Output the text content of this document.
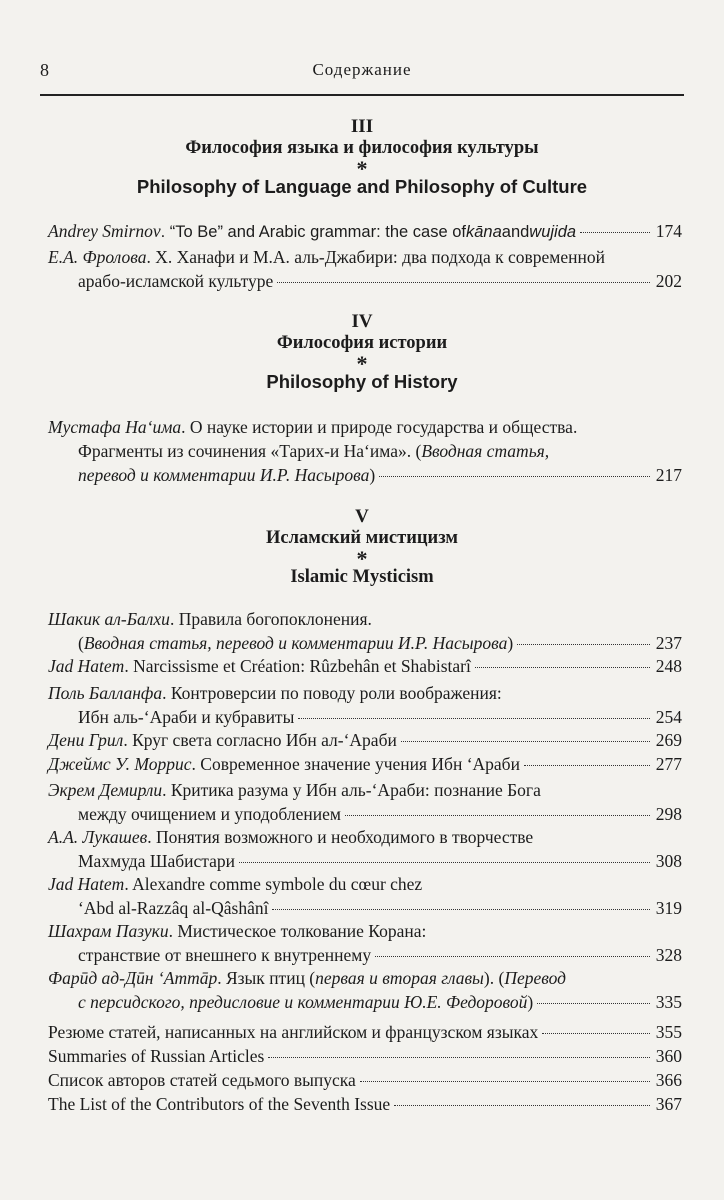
8	Содержание
III
Философия языка и философия культуры
*
Philosophy of Language and Philosophy of Culture
Andrey Smirnov . “To Be” and Arabic grammar: the case of kāna and wujida	174
Е.А. Фролова . Х. Ханафи и М.А. аль-Джабири: два подхода к современной
арабо-исламской культуре	202
IV
Философия истории
*
Philosophy of History
Мустафа На‘има . О науке истории и природе государства и общества.
Фрагменты из сочинения «Тарих-и На‘има». ( Вводная статья,
перевод и комментарии И.Р. Насырова )	217
V
Исламский мистицизм
*
Islamic Mysticism
Шакик ал-Балхи . Правила богопоклонения.
( Вводная статья, перевод и комментарии И.Р. Насырова )	237
Jad Hatem . Narcissisme et Création: Rûzbehân et Shabistarî	248
Поль Балланфа . Контроверсии по поводу роли воображения:
Ибн аль-‘Араби и кубравиты	254
Дени Грил . Круг света согласно Ибн ал-‘Араби	269
Джеймс У. Моррис . Современное значение учения Ибн ‘Араби	277
Экрем Демирли . Критика разума у Ибн аль-‘Араби: познание Бога
между очищением и уподоблением	298
А.А. Лукашев . Понятия возможного и необходимого в творчестве
Махмуда Шабистари	308
Jad Hatem . Alexandre comme symbole du cœur chez
‘Abd al-Razzâq al-Qâshânî	319
Шахрам Пазуки . Мистическое толкование Корана:
странствие от внешнего к внутреннему	328
Фарӣд ад-Дӣн ‘Аттāр . Язык птиц ( первая и вторая главы ). ( Перевод
с персидского, предисловие и комментарии Ю.Е. Федоровой )	335
Резюме статей, написанных на английском и французском языках	355
Summaries of Russian Articles	360
Список авторов статей седьмого выпуска	366
The List of the Contributors of the Seventh Issue	367
